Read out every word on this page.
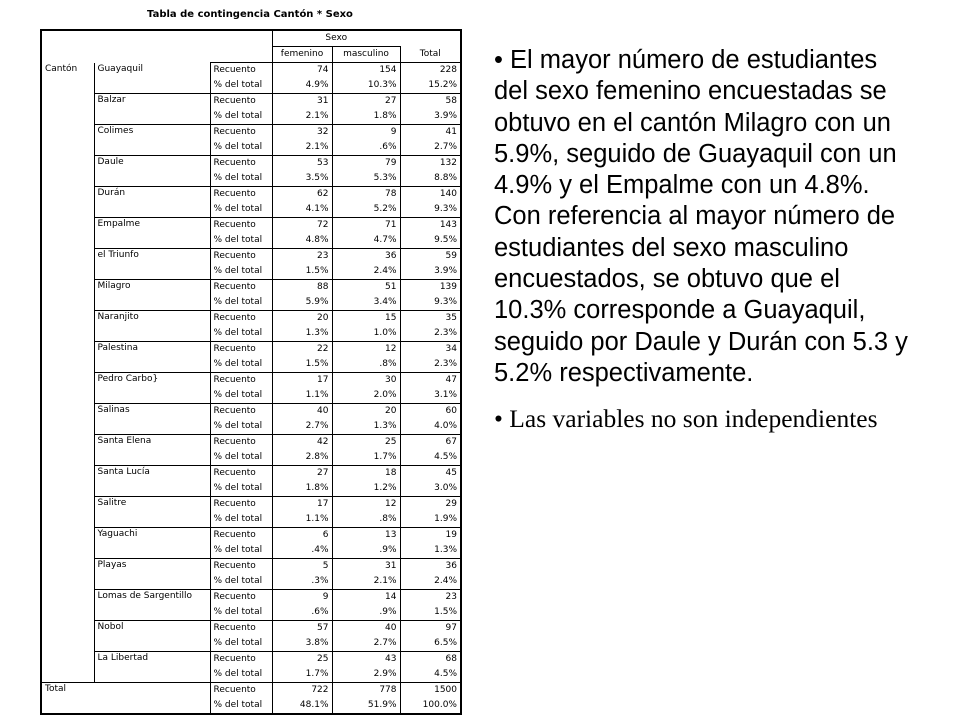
Tabla de contingencia Cantón * Sexo
			Sexo		
			femenino	masculino	Total
Cantón	Guayaquil	Recuento	74	154	228
		% del total	4.9%	10.3%	15.2%
	Balzar	Recuento	31	27	58
		% del total	2.1%	1.8%	3.9%
	Colimes	Recuento	32	9	41
		% del total	2.1%	.6%	2.7%
	Daule	Recuento	53	79	132
		% del total	3.5%	5.3%	8.8%
	Durán	Recuento	62	78	140
		% del total	4.1%	5.2%	9.3%
	Empalme	Recuento	72	71	143
		% del total	4.8%	4.7%	9.5%
	el Triunfo	Recuento	23	36	59
		% del total	1.5%	2.4%	3.9%
	Milagro	Recuento	88	51	139
		% del total	5.9%	3.4%	9.3%
	Naranjito	Recuento	20	15	35
		% del total	1.3%	1.0%	2.3%
	Palestina	Recuento	22	12	34
		% del total	1.5%	.8%	2.3%
	Pedro Carbo}	Recuento	17	30	47
		% del total	1.1%	2.0%	3.1%
	Salinas	Recuento	40	20	60
		% del total	2.7%	1.3%	4.0%
	Santa Elena	Recuento	42	25	67
		% del total	2.8%	1.7%	4.5%
	Santa Lucía	Recuento	27	18	45
		% del total	1.8%	1.2%	3.0%
	Salitre	Recuento	17	12	29
		% del total	1.1%	.8%	1.9%
	Yaguachi	Recuento	6	13	19
		% del total	.4%	.9%	1.3%
	Playas	Recuento	5	31	36
		% del total	.3%	2.1%	2.4%
	Lomas de Sargentillo	Recuento	9	14	23
		% del total	.6%	.9%	1.5%
	Nobol	Recuento	57	40	97
		% del total	3.8%	2.7%	6.5%
	La Libertad	Recuento	25	43	68
		% del total	1.7%	2.9%	4.5%
Total		Recuento	722	778	1500
		% del total	48.1%	51.9%	100.0%

• El mayor número de estudiantes del sexo femenino encuestadas se obtuvo en el cantón Milagro con un 5.9%, seguido de Guayaquil con un 4.9% y el Empalme con un 4.8%. Con referencia al mayor número de estudiantes del sexo masculino encuestados, se obtuvo que el 10.3% corresponde a Guayaquil, seguido por Daule y Durán con 5.3 y 5.2% respectivamente.

• Las variables no son independientes
